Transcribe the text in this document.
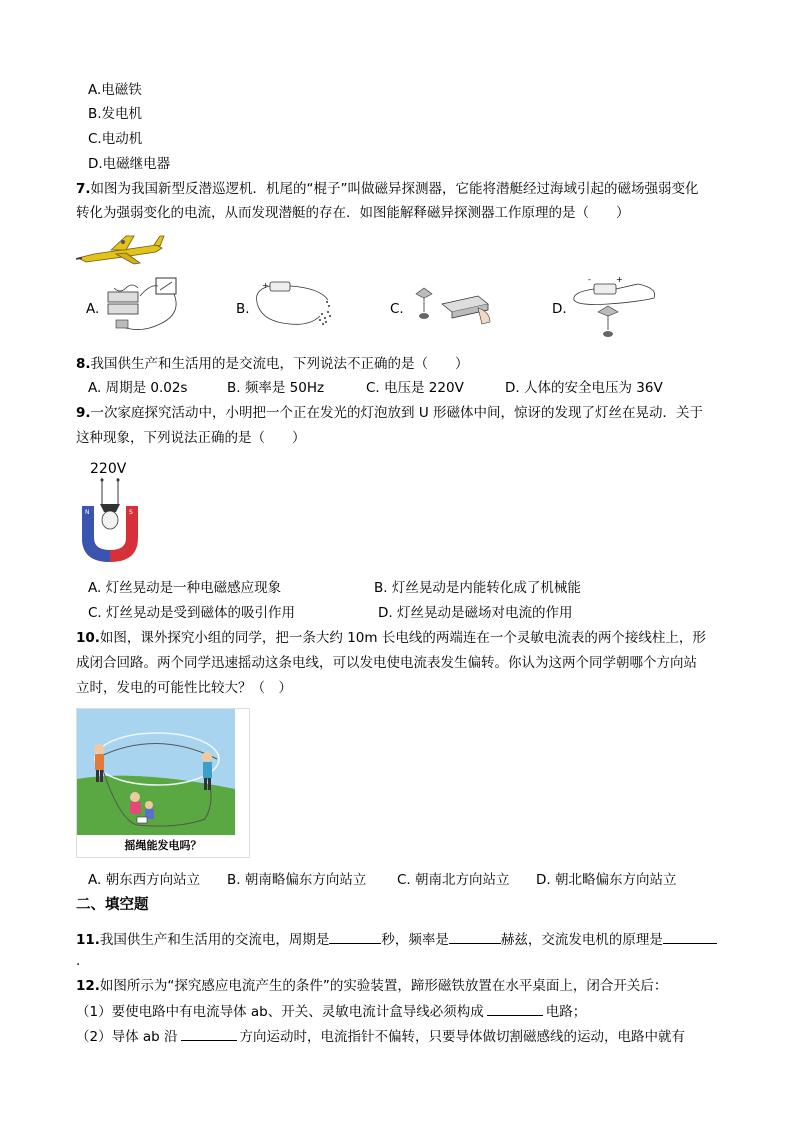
A.电磁铁
B.发电机
C.电动机
D.电磁继电器
7.如图为我国新型反潜巡逻机．机尾的“棍子”叫做磁异探测器，它能将潜艇经过海域引起的磁场强弱变化
转化为强弱变化的电流，从而发现潜艇的存在．如图能解释磁异探测器工作原理的是（　　）
A.	B.
+
C.	D.
-	+
8.我国供生产和生活用的是交流电，下列说法不正确的是（　　）
A. 周期是 0.02s	B. 频率是 50Hz	C. 电压是 220V	D. 人体的安全电压为 36V
9.一次家庭探究活动中，小明把一个正在发光的灯泡放到 U 形磁体中间，惊讶的发现了灯丝在晃动．关于
这种现象，下列说法正确的是（　　）
220V
N	S
A. 灯丝晃动是一种电磁感应现象	B. 灯丝晃动是内能转化成了机械能
C. 灯丝晃动是受到磁体的吸引作用	D. 灯丝晃动是磁场对电流的作用
10.如图，课外探究小组的同学，把一条大约 10m 长电线的两端连在一个灵敏电流表的两个接线柱上，形
成闭合回路。两个同学迅速摇动这条电线，可以发电使电流表发生偏转。你认为这两个同学朝哪个方向站
立时，发电的可能性比较大？（　）
摇绳能发电吗？
A. 朝东西方向站立 B. 朝南略偏东方向站立 C. 朝南北方向站立 D. 朝北略偏东方向站立
二、填空题
11.我国供生产和生活用的交流电，周期是	秒，频率是	赫兹，交流发电机的原理是
.
12.如图所示为“探究感应电流产生的条件”的实验装置，蹄形磁铁放置在水平桌面上，闭合开关后：
（1）要使电路中有电流导体 ab、开关、灵敏电流计盒导线必须构成	电路；
（2）导体 ab 沿	方向运动时，电流指针不偏转，只要导体做切割磁感线的运动，电路中就有
